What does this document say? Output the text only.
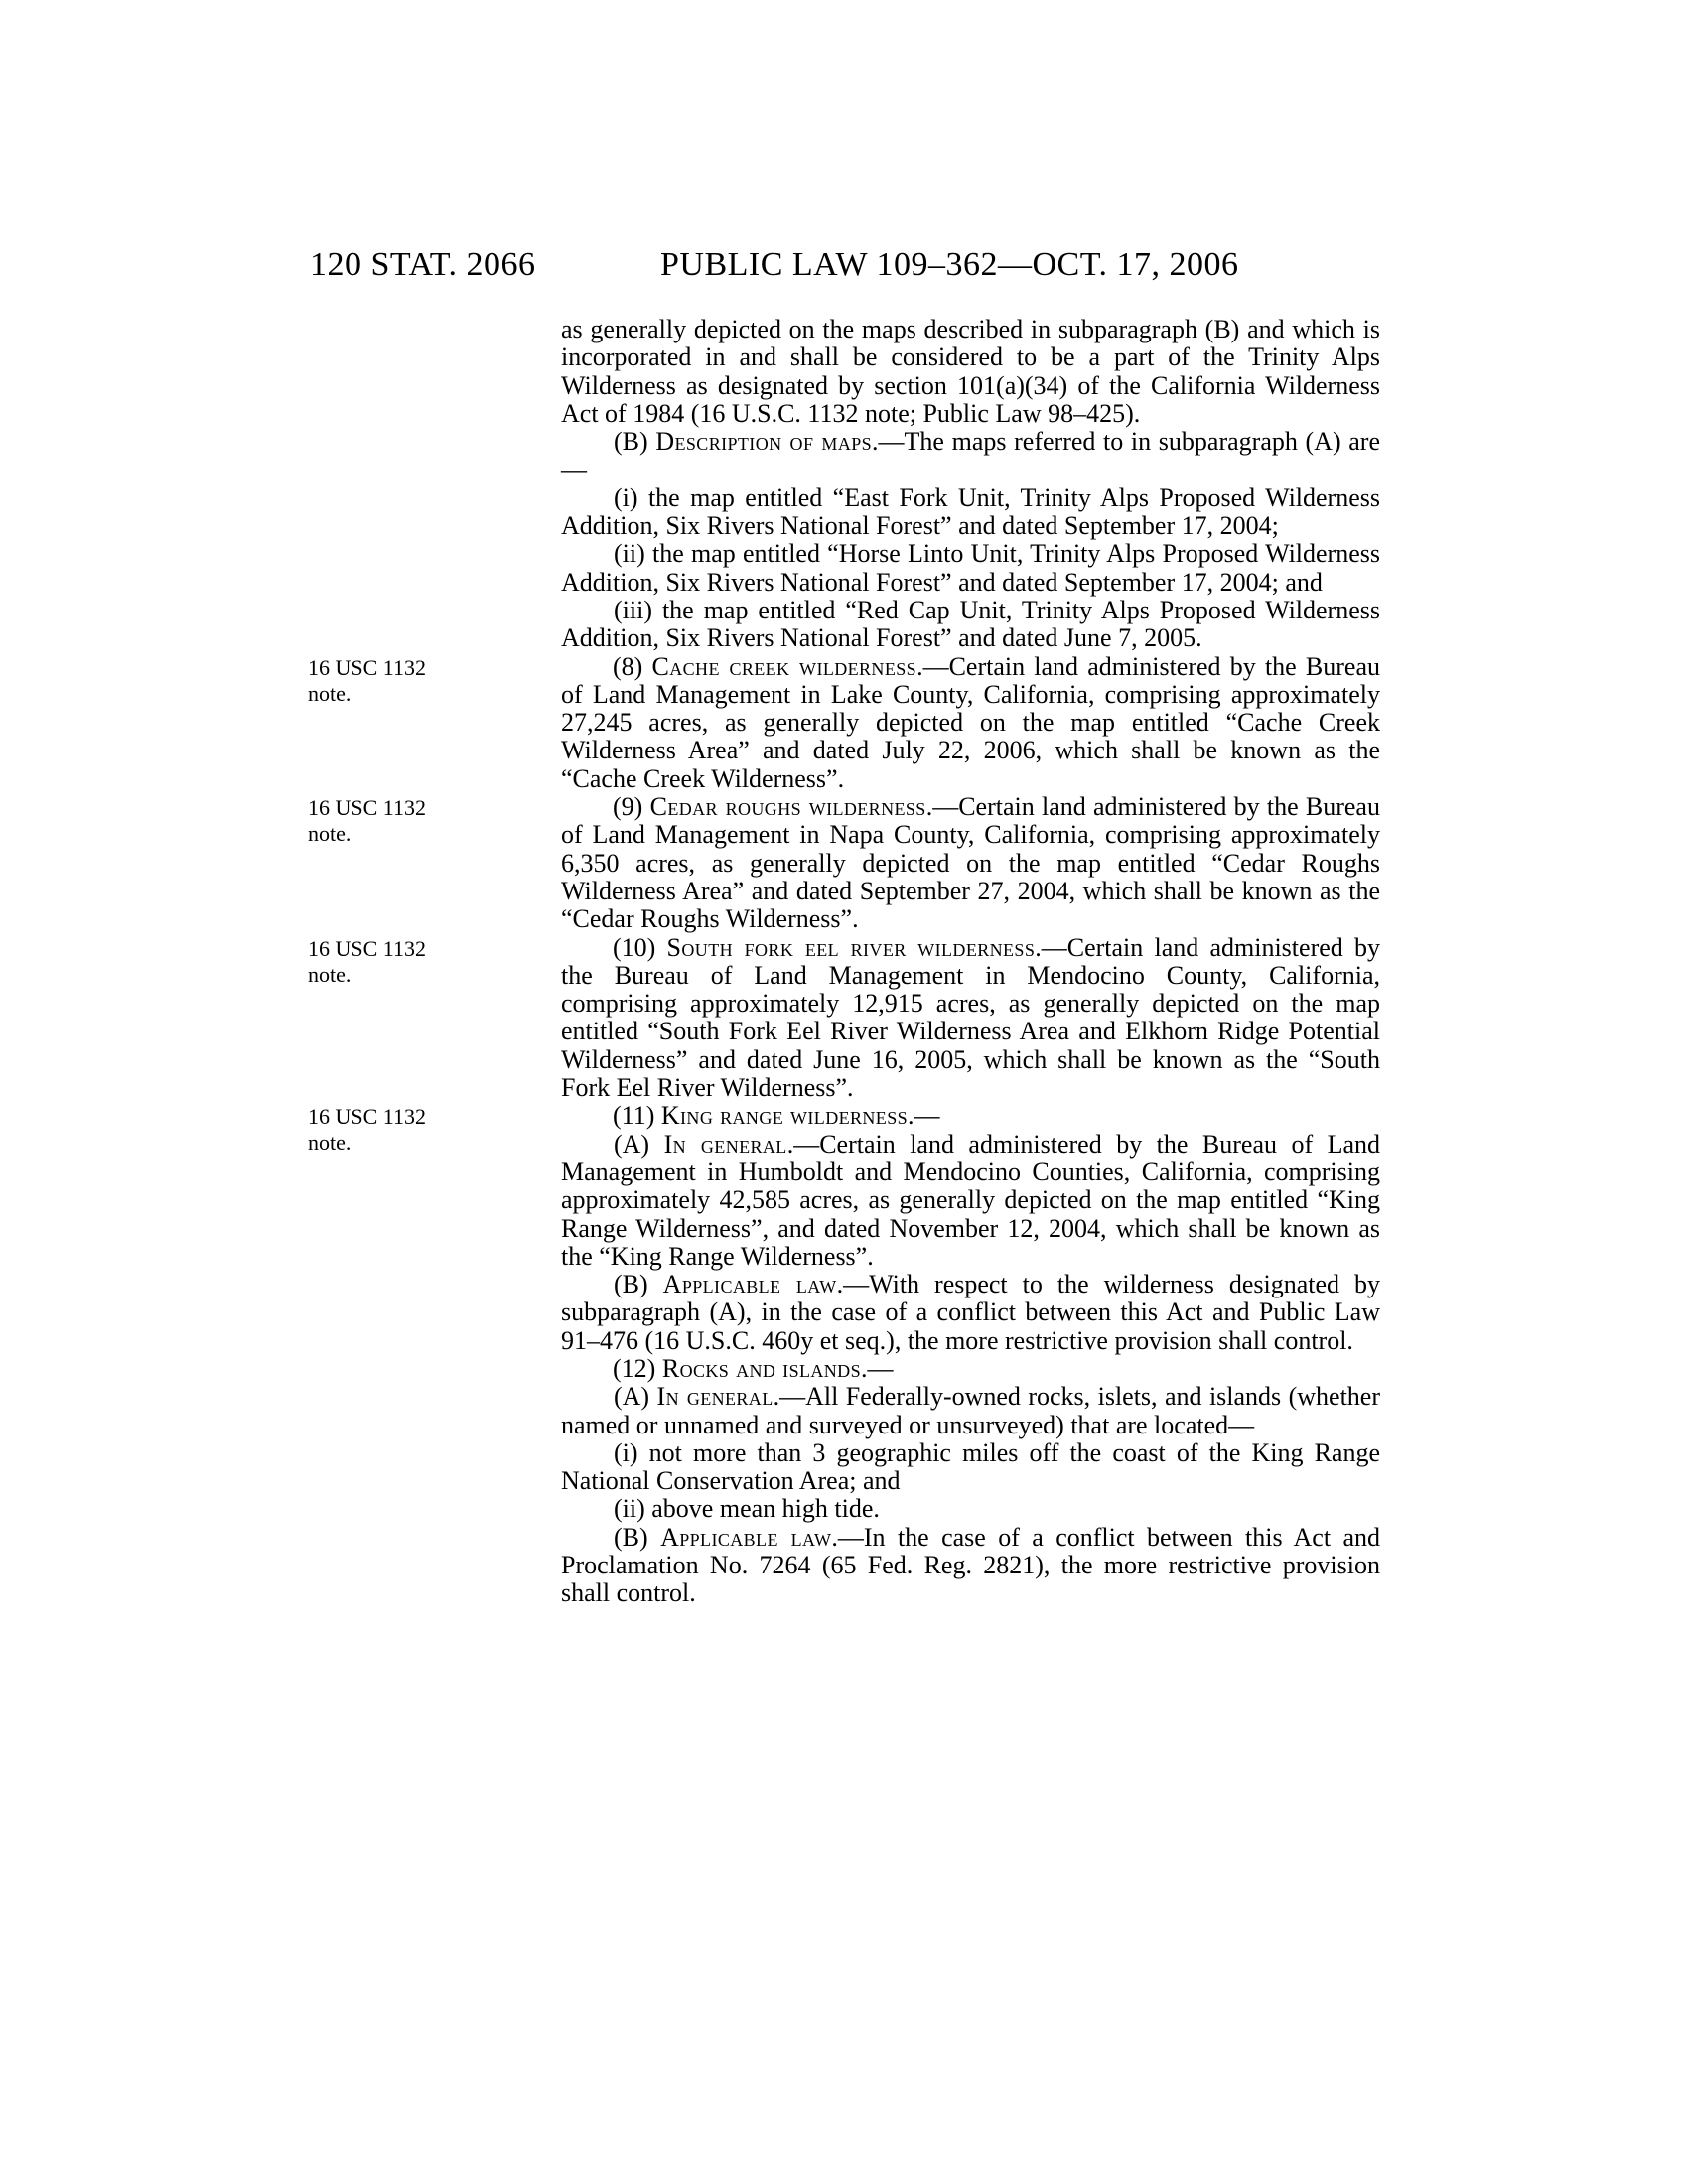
120 STAT. 2066	PUBLIC LAW 109–362—OCT. 17, 2006

as generally depicted on the maps described in subparagraph (B) and which is incorporated in and shall be considered to be a part of the Trinity Alps Wilderness as designated by section 101(a)(34) of the California Wilderness Act of 1984 (16 U.S.C. 1132 note; Public Law 98–425).

(B) Description of maps.—The maps referred to in subparagraph (A) are—

(i) the map entitled “East Fork Unit, Trinity Alps Proposed Wilderness Addition, Six Rivers National Forest” and dated September 17, 2004;

(ii) the map entitled “Horse Linto Unit, Trinity Alps Proposed Wilderness Addition, Six Rivers National Forest” and dated September 17, 2004; and

(iii) the map entitled “Red Cap Unit, Trinity Alps Proposed Wilderness Addition, Six Rivers National Forest” and dated June 7, 2005.

(8) Cache creek wilderness.—Certain land administered by the Bureau of Land Management in Lake County, California, comprising approximately 27,245 acres, as generally depicted on the map entitled “Cache Creek Wilderness Area” and dated July 22, 2006, which shall be known as the “Cache Creek Wilderness”.

(9) Cedar roughs wilderness.—Certain land administered by the Bureau of Land Management in Napa County, California, comprising approximately 6,350 acres, as generally depicted on the map entitled “Cedar Roughs Wilderness Area” and dated September 27, 2004, which shall be known as the “Cedar Roughs Wilderness”.

(10) South fork eel river wilderness.—Certain land administered by the Bureau of Land Management in Mendocino County, California, comprising approximately 12,915 acres, as generally depicted on the map entitled “South Fork Eel River Wilderness Area and Elkhorn Ridge Potential Wilderness” and dated June 16, 2005, which shall be known as the “South Fork Eel River Wilderness”.

(11) King range wilderness.—

(A) In general.—Certain land administered by the Bureau of Land Management in Humboldt and Mendocino Counties, California, comprising approximately 42,585 acres, as generally depicted on the map entitled “King Range Wilderness”, and dated November 12, 2004, which shall be known as the “King Range Wilderness”.

(B) Applicable law.—With respect to the wilderness designated by subparagraph (A), in the case of a conflict between this Act and Public Law 91–476 (16 U.S.C. 460y et seq.), the more restrictive provision shall control.

(12) Rocks and islands.—

(A) In general.—All Federally-owned rocks, islets, and islands (whether named or unnamed and surveyed or unsurveyed) that are located—

(i) not more than 3 geographic miles off the coast of the King Range National Conservation Area; and

(ii) above mean high tide.

(B) Applicable law.—In the case of a conflict between this Act and Proclamation No. 7264 (65 Fed. Reg. 2821), the more restrictive provision shall control.

16 USC 1132 note.
16 USC 1132 note.
16 USC 1132 note.
16 USC 1132 note.
